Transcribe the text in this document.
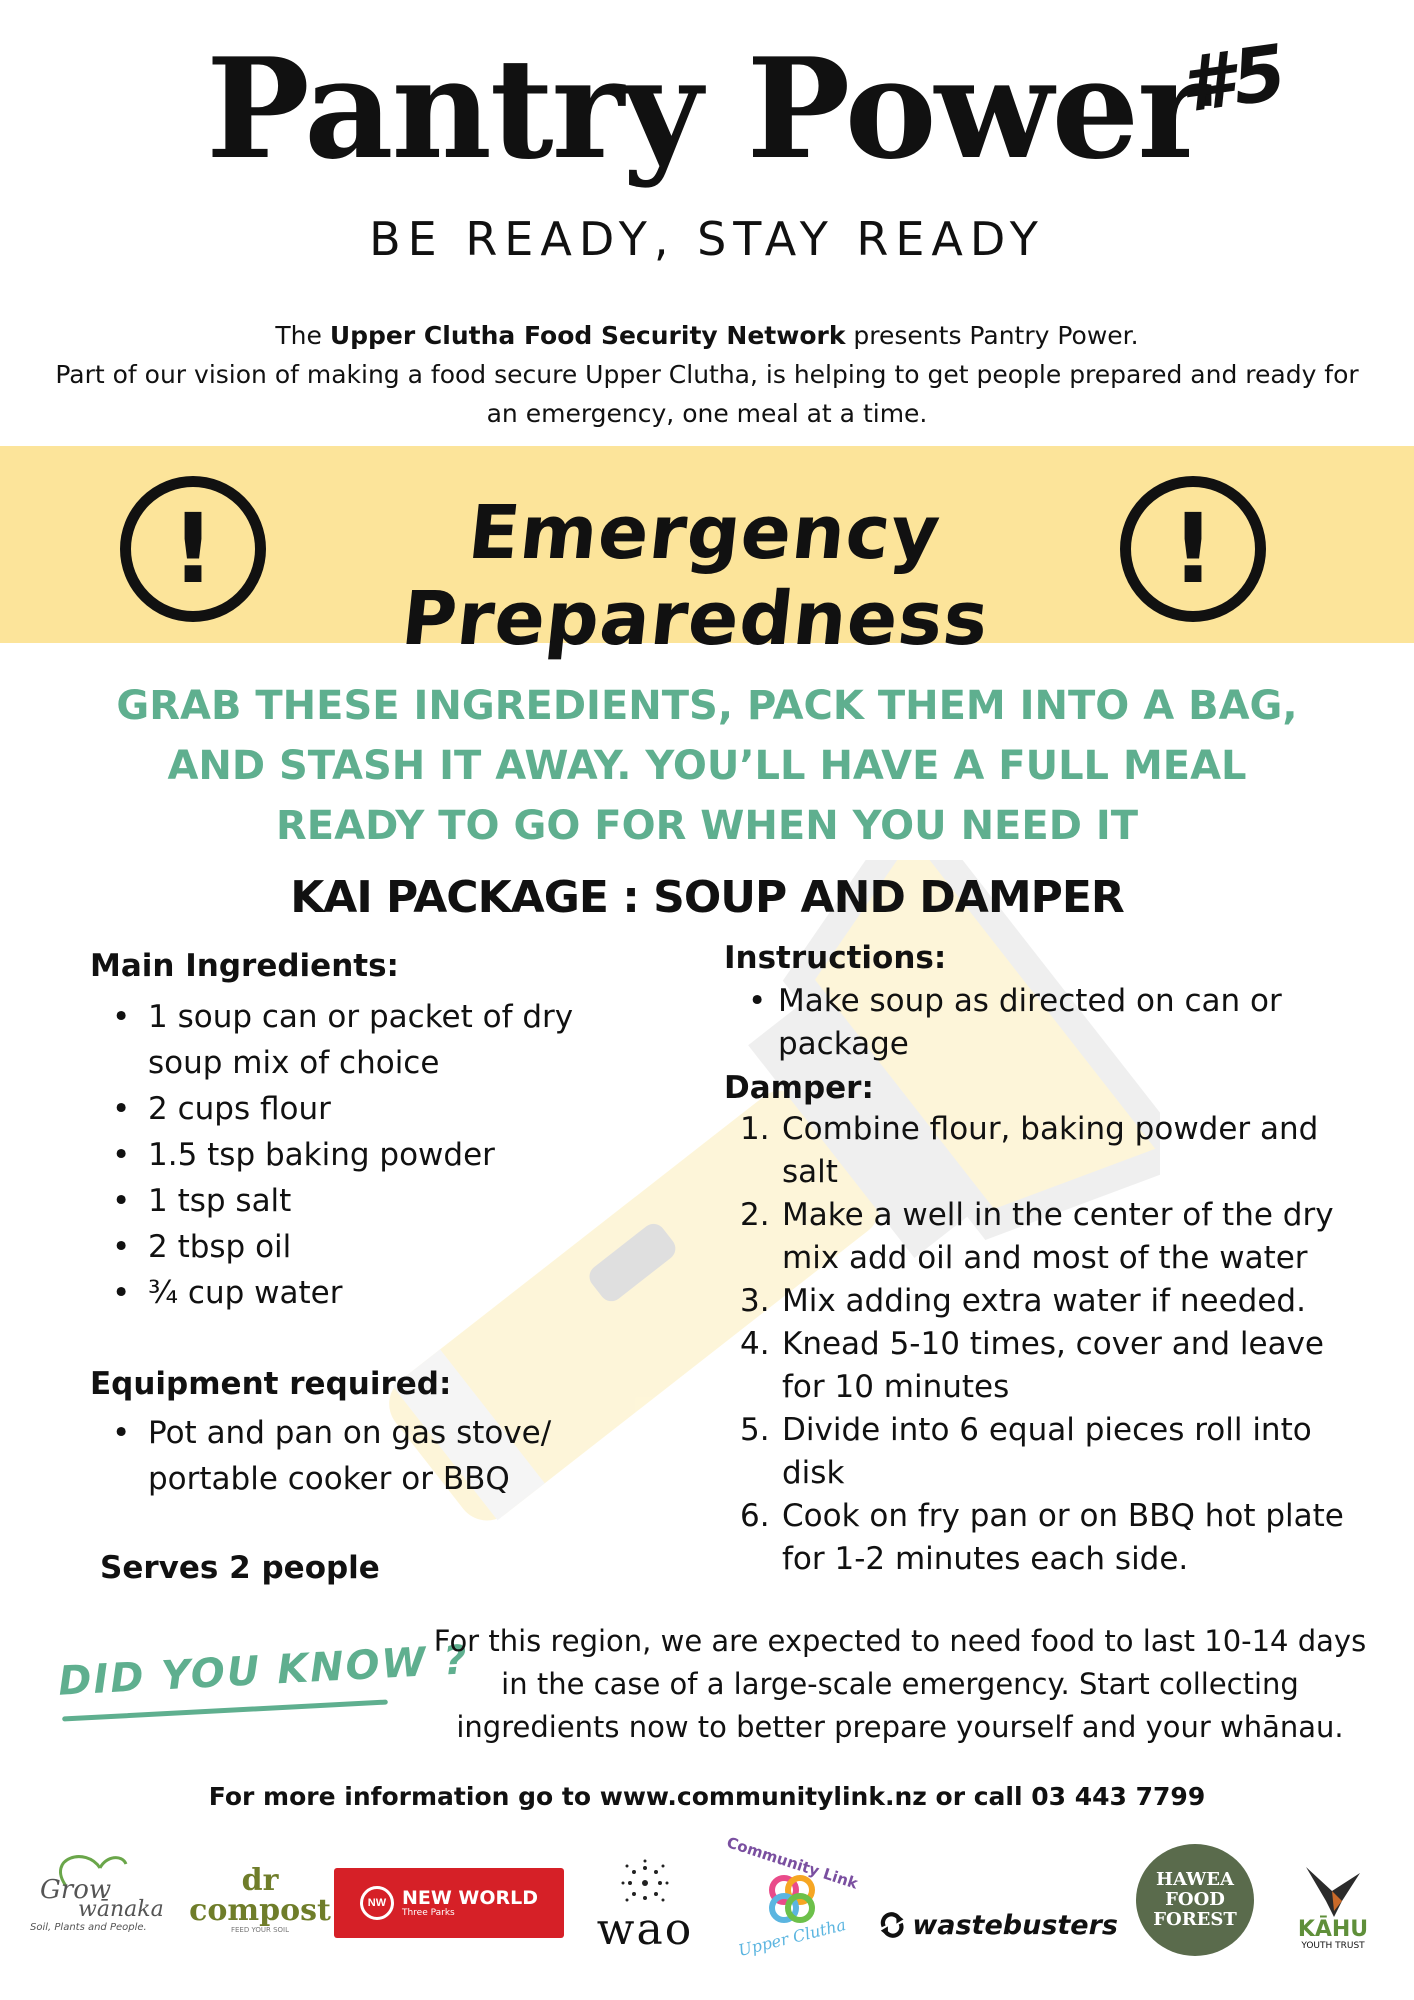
Pantry Power
#5
BE READY, STAY READY
The Upper Clutha Food Security Network presents Pantry Power.
Part of our vision of making a food secure Upper Clutha, is helping to get people prepared and ready for an emergency, one meal at a time.
!	Emergency Preparedness
!
GRAB THESE INGREDIENTS, PACK THEM INTO A BAG,
AND STASH IT AWAY. YOU’LL HAVE A FULL MEAL
READY TO GO FOR WHEN YOU NEED IT
KAI PACKAGE : SOUP AND DAMPER
Main Ingredients:
• 1 soup can or packet of dry soup mix of choice
• 2 cups flour
• 1.5 tsp baking powder
• 1 tsp salt
• 2 tbsp oil
• ¾ cup water
Equipment required:
• Pot and pan on gas stove/ portable cooker or BBQ
Serves 2 people
Instructions:
• Make soup as directed on can or package
Damper:
1. Combine flour, baking powder and salt
2. Make a well in the center of the dry mix add oil and most of the water
3. Mix adding extra water if needed.
4. Knead 5-10 times, cover and leave for 10 minutes
5. Divide into 6 equal pieces roll into disk
6. Cook on fry pan or on BBQ hot plate for 1-2 minutes each side.
DID YOU KNOW ?
For this region, we are expected to need food to last 10-14 days in the case of a large-scale emergency. Start collecting ingredients now to better prepare yourself and your whānau.
For more information go to www.communitylink.nz or call 03 443 7799
Grow
wānaka
Soil, Plants and People.
dr compost
FEED YOUR SOIL
NW NEW WORLD
Three Parks	wao
Community Link
Upper Clutha wastebusters
HAWEA FOOD FOREST	KĀHU
YOUTH TRUST
